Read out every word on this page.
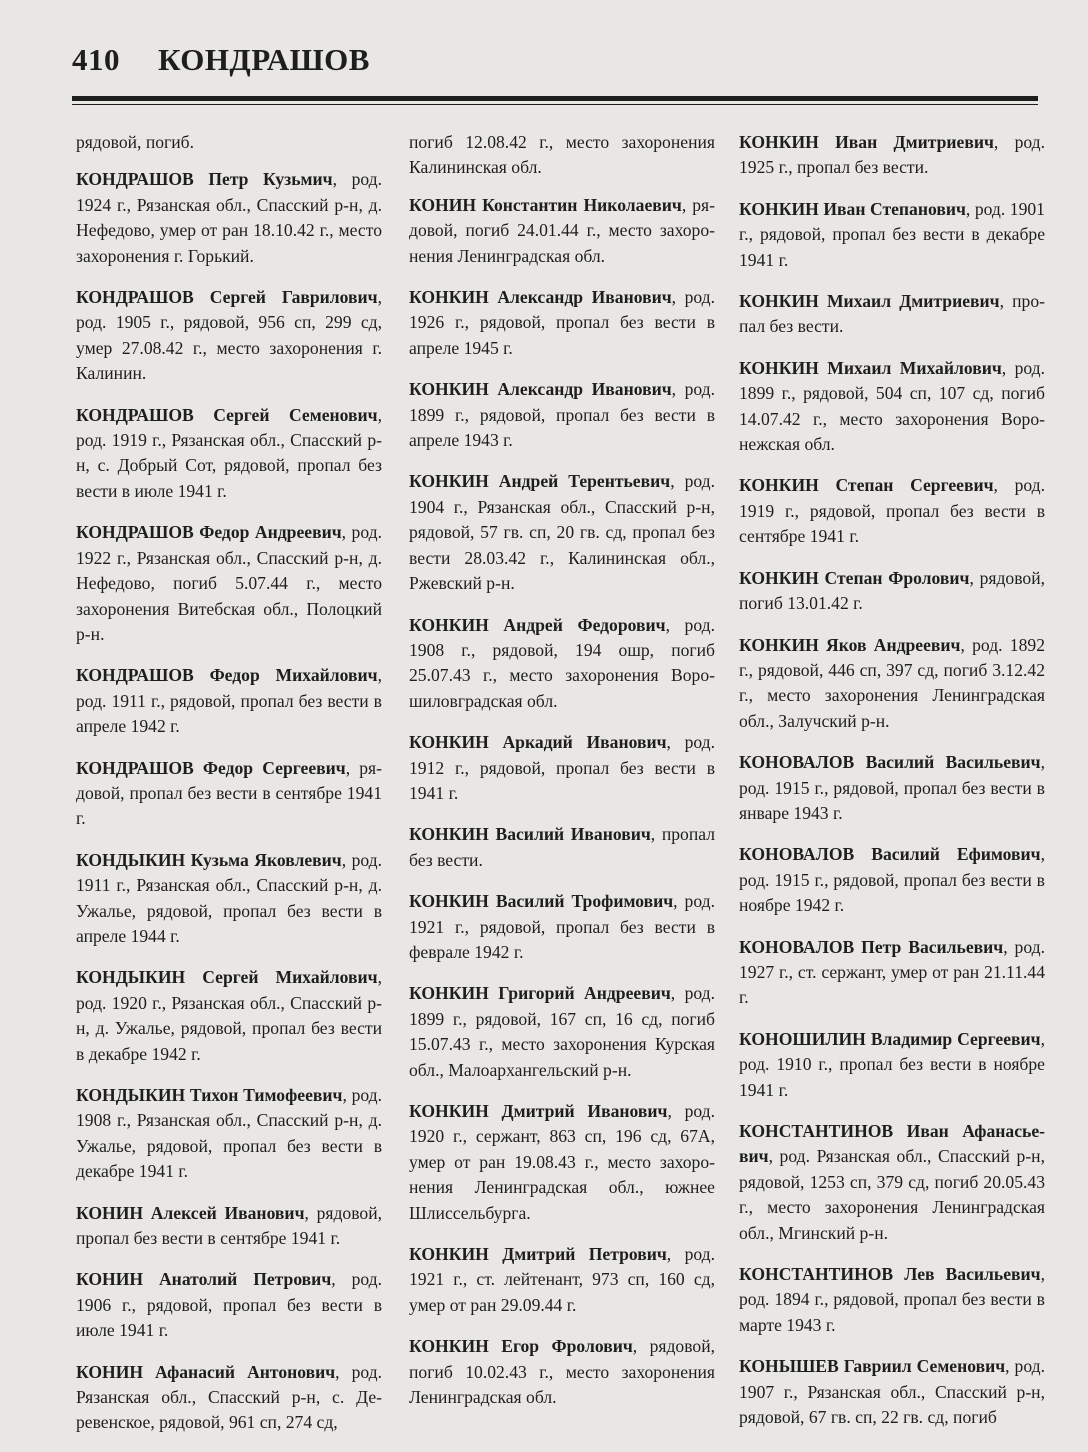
410 КОНДРАШОВ

рядовой, погиб.

КОНДРАШОВ Петр Кузьмич, род. 1924 г., Рязанская обл., Спасский р-н, д. Нефедово, умер от ран 18.10.42 г., место захоронения г. Горький.

КОНДРАШОВ Сергей Гаврилович, род. 1905 г., рядовой, 956 сп, 299 сд, умер 27.08.42 г., место захоронения г. Калинин.

КОНДРАШОВ Сергей Семенович, род. 1919 г., Рязанская обл., Спасский р-н, с. Добрый Сот, рядовой, пропал без вести в июле 1941 г.

КОНДРАШОВ Федор Андреевич, род. 1922 г., Рязанская обл., Спасский р-н, д. Нефедово, погиб 5.07.44 г., место захоронения Витебская обл., Полоцкий р-н.

КОНДРАШОВ Федор Михайлович, род. 1911 г., рядовой, пропал без вести в апреле 1942 г.

КОНДРАШОВ Федор Сергеевич, рядовой, пропал без вести в сентябре 1941 г.

КОНДЫКИН Кузьма Яковлевич, род. 1911 г., Рязанская обл., Спасский р-н, д. Ужалье, рядовой, пропал без вести в апреле 1944 г.

КОНДЫКИН Сергей Михайлович, род. 1920 г., Рязанская обл., Спасский р-н, д. Ужалье, рядовой, пропал без вести в декабре 1942 г.

КОНДЫКИН Тихон Тимофеевич, род. 1908 г., Рязанская обл., Спасский р-н, д. Ужалье, рядовой, пропал без вести в декабре 1941 г.

КОНИН Алексей Иванович, рядовой, пропал без вести в сентябре 1941 г.

КОНИН Анатолий Петрович, род. 1906 г., рядовой, пропал без вести в июле 1941 г.

КОНИН Афанасий Антонович, род. Рязанская обл., Спасский р-н, с. Деревенское, рядовой, 961 сп, 274 сд,

погиб 12.08.42 г., место захоронения Калининская обл.

КОНИН Константин Николаевич, рядовой, погиб 24.01.44 г., место захоронения Ленинградская обл.

КОНКИН Александр Иванович, род. 1926 г., рядовой, пропал без вести в апреле 1945 г.

КОНКИН Александр Иванович, род. 1899 г., рядовой, пропал без вести в апреле 1943 г.

КОНКИН Андрей Терентьевич, род. 1904 г., Рязанская обл., Спасский р-н, рядовой, 57 гв. сп, 20 гв. сд, пропал без вести 28.03.42 г., Калининская обл., Ржевский р-н.

КОНКИН Андрей Федорович, род. 1908 г., рядовой, 194 ошр, погиб 25.07.43 г., место захоронения Ворошиловградская обл.

КОНКИН Аркадий Иванович, род. 1912 г., рядовой, пропал без вести в 1941 г.

КОНКИН Василий Иванович, пропал без вести.

КОНКИН Василий Трофимович, род. 1921 г., рядовой, пропал без вести в феврале 1942 г.

КОНКИН Григорий Андреевич, род. 1899 г., рядовой, 167 сп, 16 сд, погиб 15.07.43 г., место захоронения Курская обл., Малоархангельский р-н.

КОНКИН Дмитрий Иванович, род. 1920 г., сержант, 863 сп, 196 сд, 67А, умер от ран 19.08.43 г., место захоронения Ленинградская обл., южнее Шлиссельбурга.

КОНКИН Дмитрий Петрович, род. 1921 г., ст. лейтенант, 973 сп, 160 сд, умер от ран 29.09.44 г.

КОНКИН Егор Фролович, рядовой, погиб 10.02.43 г., место захоронения Ленинградская обл.

КОНКИН Иван Дмитриевич, род. 1925 г., пропал без вести.

КОНКИН Иван Степанович, род. 1901 г., рядовой, пропал без вести в декабре 1941 г.

КОНКИН Михаил Дмитриевич, пропал без вести.

КОНКИН Михаил Михайлович, род. 1899 г., рядовой, 504 сп, 107 сд, погиб 14.07.42 г., место захоронения Воронежская обл.

КОНКИН Степан Сергеевич, род. 1919 г., рядовой, пропал без вести в сентябре 1941 г.

КОНКИН Степан Фролович, рядовой, погиб 13.01.42 г.

КОНКИН Яков Андреевич, род. 1892 г., рядовой, 446 сп, 397 сд, погиб 3.12.42 г., место захоронения Ленинградская обл., Залучский р-н.

КОНОВАЛОВ Василий Васильевич, род. 1915 г., рядовой, пропал без вести в январе 1943 г.

КОНОВАЛОВ Василий Ефимович, род. 1915 г., рядовой, пропал без вести в ноябре 1942 г.

КОНОВАЛОВ Петр Васильевич, род. 1927 г., ст. сержант, умер от ран 21.11.44 г.

КОНОШИЛИН Владимир Сергеевич, род. 1910 г., пропал без вести в ноябре 1941 г.

КОНСТАНТИНОВ Иван Афанасьевич, род. Рязанская обл., Спасский р-н, рядовой, 1253 сп, 379 сд, погиб 20.05.43 г., место захоронения Ленинградская обл., Мгинский р-н.

КОНСТАНТИНОВ Лев Васильевич, род. 1894 г., рядовой, пропал без вести в марте 1943 г.

КОНЫШЕВ Гавриил Семенович, род. 1907 г., Рязанская обл., Спасский р-н, рядовой, 67 гв. сп, 22 гв. сд, погиб
